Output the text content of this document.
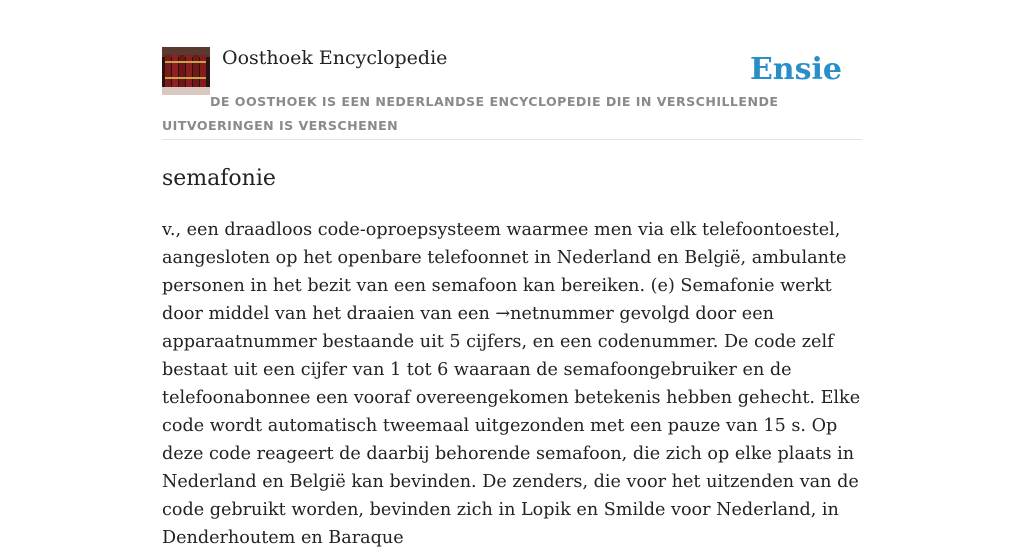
Oosthoek Encyclopedie	Ensie
DE OOSTHOEK IS EEN NEDERLANDSE ENCYCLOPEDIE DIE IN VERSCHILLENDE UITVOERINGEN IS VERSCHENEN
semafonie

v., een draadloos code-oproepsysteem waarmee men via elk telefoontoestel, aangesloten op het openbare telefoonnet in Nederland en België, ambulante personen in het bezit van een semafoon kan bereiken. (e) Semafonie werkt door middel van het draaien van een →netnummer gevolgd door een apparaatnummer bestaande uit 5 cijfers, en een codenummer. De code zelf bestaat uit een cijfer van 1 tot 6 waaraan de semafoongebruiker en de telefoonabonnee een vooraf overeengekomen betekenis hebben gehecht. Elke code wordt automatisch tweemaal uitgezonden met een pauze van 15 s. Op deze code reageert de daarbij behorende semafoon, die zich op elke plaats in Nederland en België kan bevinden. De zenders, die voor het uitzenden van de code gebruikt worden, bevinden zich in Lopik en Smilde voor Nederland, in Denderhoutem en Baraque
